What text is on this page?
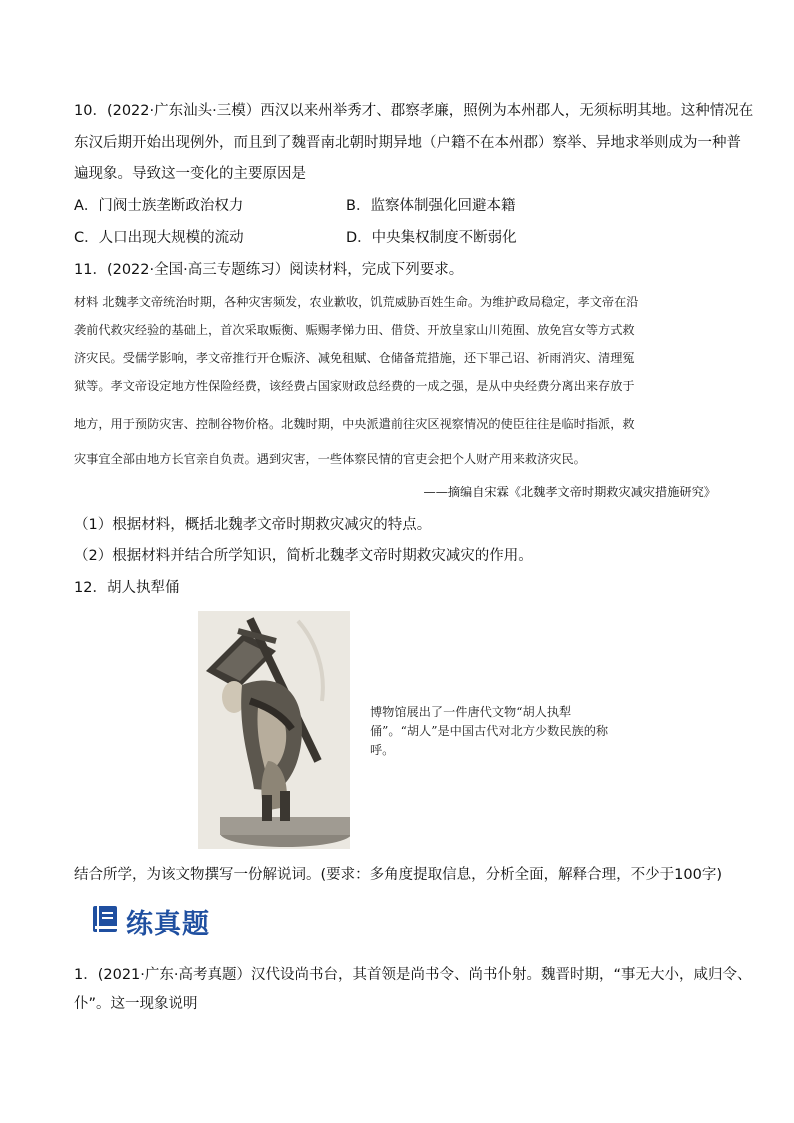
10．(2022·广东汕头·三模）西汉以来州举秀才、郡察孝廉，照例为本州郡人，无须标明其地。这种情况在
东汉后期开始出现例外，而且到了魏晋南北朝时期异地（户籍不在本州郡）察举、异地求举则成为一种普
遍现象。导致这一变化的主要原因是
A．门阀士族垄断政治权力	B．监察体制强化回避本籍
C．人口出现大规模的流动	D．中央集权制度不断弱化
11．(2022·全国·高三专题练习）阅读材料，完成下列要求。
材料 北魏孝文帝统治时期，各种灾害频发，农业歉收，饥荒威胁百姓生命。为维护政局稳定，孝文帝在沿
袭前代救灾经验的基础上，首次采取赈衡、赈赐孝悌力田、借贷、开放皇家山川苑囿、放免宫女等方式救
济灾民。受儒学影响，孝文帝推行开仓赈济、减免租赋、仓储备荒措施，还下罪己诏、祈雨消灾、清理冤
狱等。孝文帝设定地方性保险经费，该经费占国家财政总经费的一成之强，是从中央经费分离出来存放于
地方，用于预防灾害、控制谷物价格。北魏时期，中央派遣前往灾区视察情况的使臣往往是临时指派，救
灾事宜全部由地方长官亲自负责。遇到灾害，一些体察民情的官吏会把个人财产用来救济灾民。
——摘编自宋霖《北魏孝文帝时期救灾减灾措施研究》
（1）根据材料，概括北魏孝文帝时期救灾减灾的特点。
（2）根据材料并结合所学知识，简析北魏孝文帝时期救灾减灾的作用。
12．胡人执犁俑
博物馆展出了一件唐代文物“胡人执犁俑”。“胡人”是中国古代对北方少数民族的称呼。
结合所学，为该文物撰写一份解说词。(要求：多角度提取信息，分析全面，解释合理，不少于100字)
练真题
1．(2021·广东·高考真题）汉代设尚书台，其首领是尚书令、尚书仆射。魏晋时期，“事无大小，咸归令、
仆”。这一现象说明
